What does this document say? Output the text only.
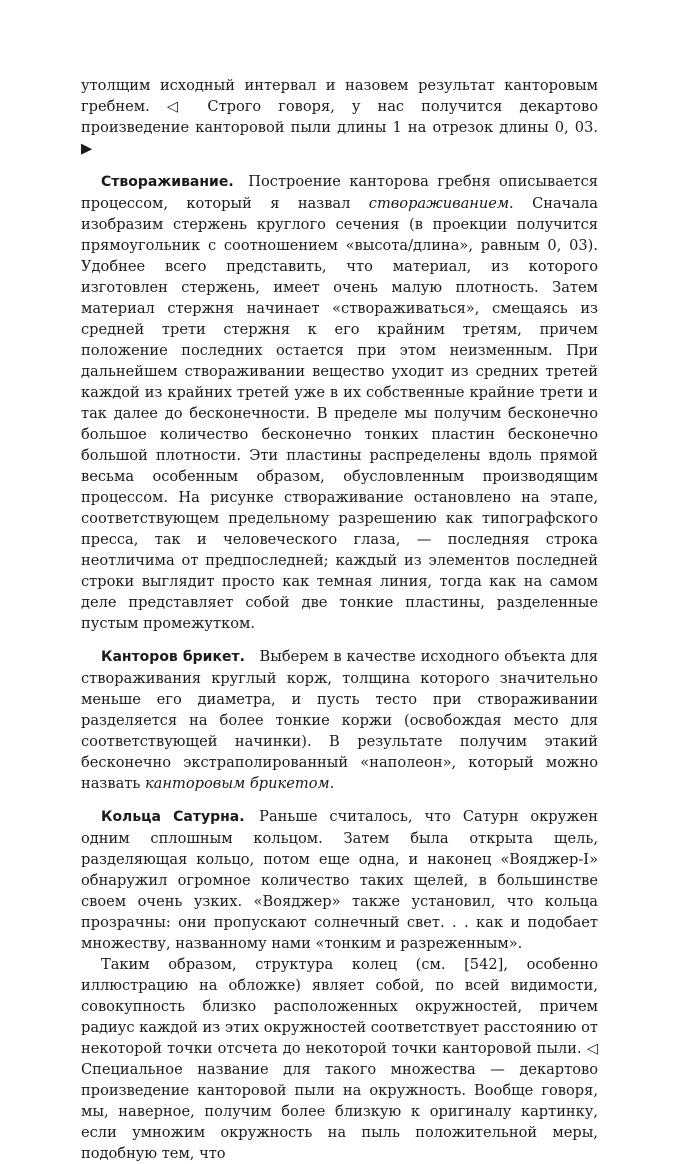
утолщим исходный интервал и назовем результат канторовым гребнем. ◁ Строго говоря, у нас получится декартово произведение канторовой пыли длины 1 на отрезок длины 0, 03. ▶

Створаживание.  Построение канторова гребня описывается процессом, который я назвал створаживанием. Сначала изобразим стержень круглого сечения (в проекции получится прямоугольник с соотношением «высота/длина», равным 0, 03). Удобнее всего представить, что материал, из которого изготовлен стержень, имеет очень малую плотность. Затем материал стержня начинает «створаживаться», смещаясь из средней трети стержня к его крайним третям, причем положение последних остается при этом неизменным. При дальнейшем створаживании вещество уходит из средних третей каждой из крайних третей уже в их собственные крайние трети и так далее до бесконечности. В пределе мы получим бесконечно большое количество бесконечно тонких пластин бесконечно большой плотности. Эти пластины распределены вдоль прямой весьма особенным образом, обусловленным производящим процессом. На рисунке створаживание остановлено на этапе, соответствующем предельному разрешению как типографского пресса, так и человеческого глаза, — последняя строка неотличима от предпоследней; каждый из элементов последней строки выглядит просто как темная линия, тогда как на самом деле представляет собой две тонкие пластины, разделенные пустым промежутком.

Канторов брикет.  Выберем в качестве исходного объекта для створаживания круглый корж, толщина которого значительно меньше его диаметра, и пусть тесто при створаживании разделяется на более тонкие коржи (освобождая место для соответствующей начинки). В результате получим этакий бесконечно экстраполированный «наполеон», который можно назвать канторовым брикетом.

Кольца Сатурна.  Раньше считалось, что Сатурн окружен одним сплошным кольцом. Затем была открыта щель, разделяющая кольцо, потом еще одна, и наконец «Вояджер-I» обнаружил огромное количество таких щелей, в большинстве своем очень узких. «Вояджер» также установил, что кольца прозрачны: они пропускают солнечный свет. . . как и подобает множеству, названному нами «тонким и разреженным».

Таким образом, структура колец (см. [542], особенно иллюстрацию на обложке) являет собой, по всей видимости, совокупность близко расположенных окружностей, причем радиус каждой из этих окружностей соответствует расстоянию от некоторой точки отсчета до некоторой точки канторовой пыли. ◁ Специальное название для такого множества — декартово произведение канторовой пыли на окружность. Вообще говоря, мы, наверное, получим более близкую к оригиналу картинку, если умножим окружность на пыль положительной меры, подобную тем, что
